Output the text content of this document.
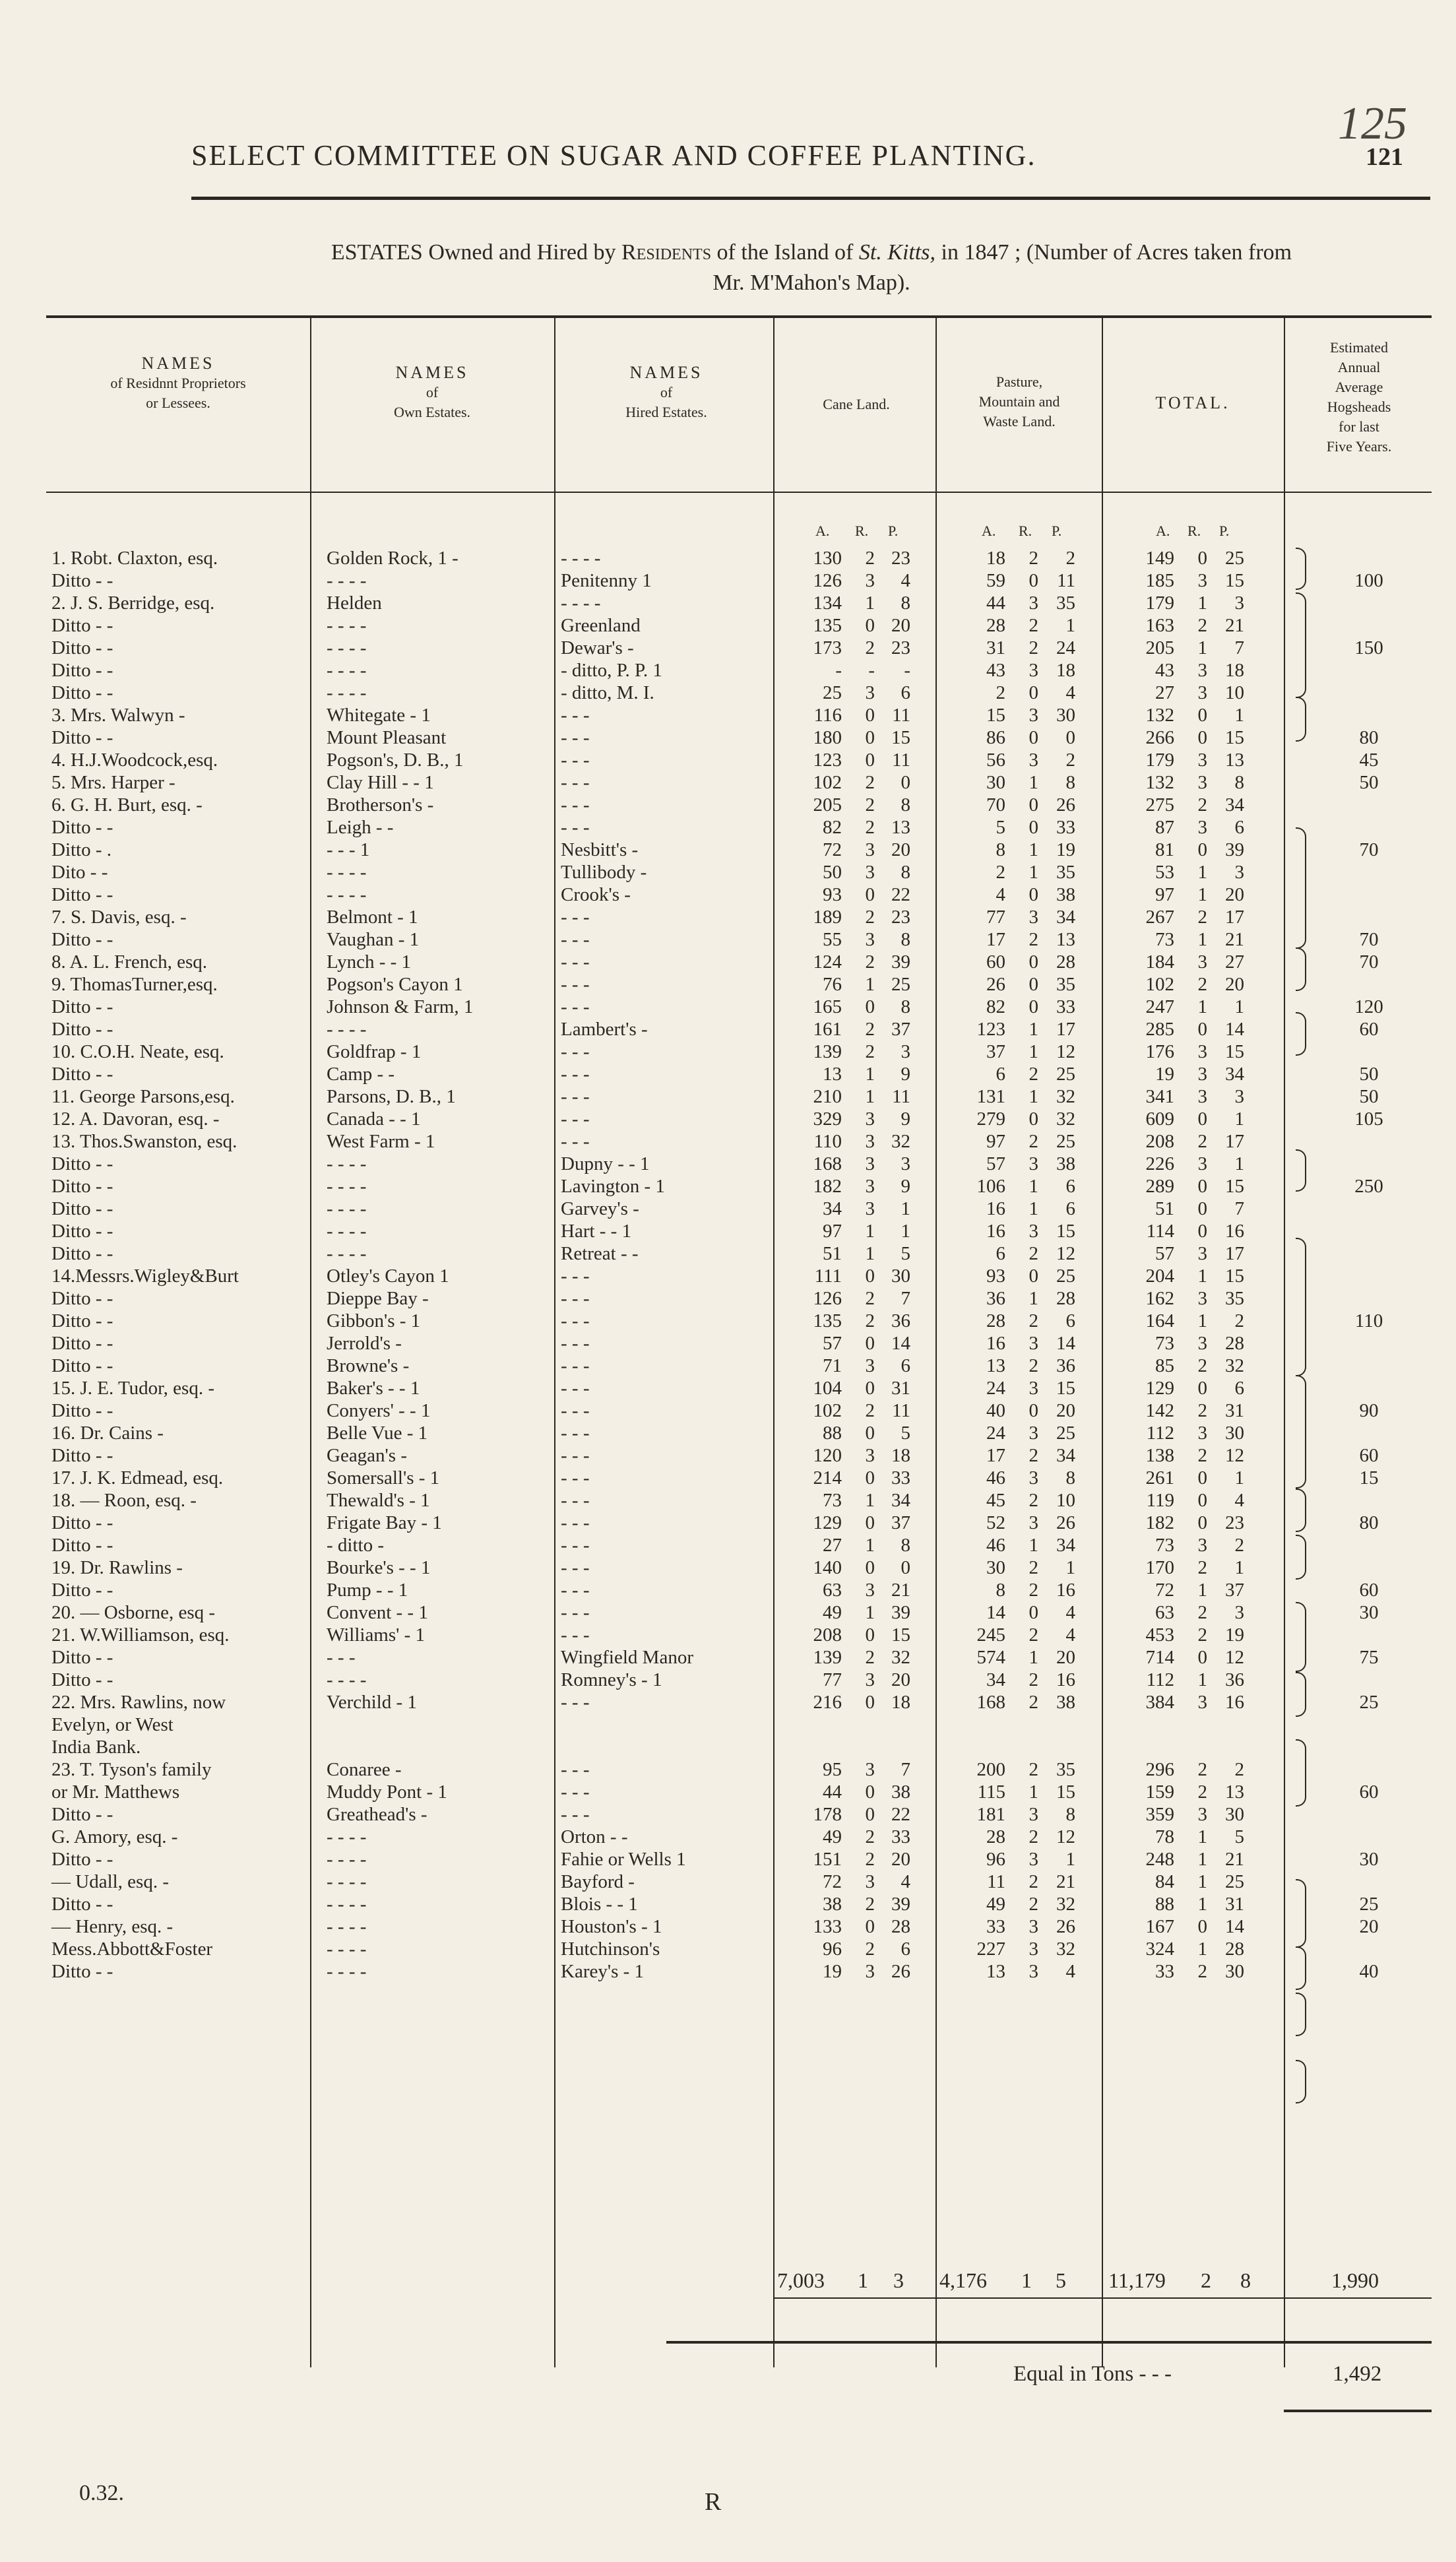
125
SELECT COMMITTEE ON SUGAR AND COFFEE PLANTING.	121
ESTATES Owned and Hired by Residents of the Island of St. Kitts, in 1847 ; (Number of Acres taken from
Mr. M'Mahon's Map).
NAMES
of Residnnt Proprietors
or Lessees.
NAMES
of
Own Estates.
NAMES
of
Hired Estates.	Cane Land.
Pasture,
Mountain and
Waste Land.
TOTAL.
Estimated
Annual
Average
Hogsheads
for last
Five Years.
A. R. P.	A. R. P.	A. R. P.
1. Robt. Claxton, esq.	Golden Rock, 1 -	- - - -	130	2 23	18	2	2	149	0 25
Ditto - -	- - - -	Penitenny 1	126	3	4	59	0 11	185	3 15	100
2. J. S. Berridge, esq.	Helden	- - - -	134	1	8	44	3 35	179	1	3
Ditto - -	- - - -	Greenland	135	0 20	28	2	1	163	2 21
Ditto - -	- - - -	Dewar's -	173	2 23	31	2 24	205	1	7	150
Ditto - -	- - - -	- ditto, P. P. 1	-	-	-	43	3 18	43	3 18
Ditto - -	- - - -	- ditto, M. I.	25	3	6	2	0	4	27	3 10
3. Mrs. Walwyn -	Whitegate - 1	- - -	116	0 11	15	3 30	132	0	1
Ditto - -	Mount Pleasant	- - -	180	0 15	86	0	0	266	0 15	80
4. H.J.Woodcock,esq.	Pogson's, D. B., 1	- - -	123	0 11	56	3	2	179	3 13	45
5. Mrs. Harper -	Clay Hill - - 1	- - -	102	2	0	30	1	8	132	3	8	50
6. G. H. Burt, esq. -	Brotherson's -	- - -	205	2	8	70	0 26	275	2 34
Ditto - -	Leigh - -	- - -	82	2 13	5	0 33	87	3	6
Ditto - .	- - - 1	Nesbitt's -	72	3 20	8	1 19	81	0 39	70
Dito - -	- - - -	Tullibody -	50	3	8	2	1 35	53	1	3
Ditto - -	- - - -	Crook's -	93	0 22	4	0 38	97	1 20
7. S. Davis, esq. -	Belmont - 1	- - -	189	2 23	77	3 34	267	2 17
Ditto - -	Vaughan - 1	- - -	55	3	8	17	2 13	73	1 21	70
8. A. L. French, esq.	Lynch - - 1	- - -	124	2 39	60	0 28	184	3 27	70
9. ThomasTurner,esq.	Pogson's Cayon 1	- - -	76	1 25	26	0 35	102	2 20
Ditto - -	Johnson & Farm, 1	- - -	165	0	8	82	0 33	247	1	1	120
Ditto - -	- - - -	Lambert's -	161	2 37	123	1 17	285	0 14	60
10. C.O.H. Neate, esq.	Goldfrap - 1	- - -	139	2	3	37	1 12	176	3 15
Ditto - -	Camp - -	- - -	13	1	9	6	2 25	19	3 34	50
11. George Parsons,esq.	Parsons, D. B., 1	- - -	210	1 11	131	1 32	341	3	3	50
12. A. Davoran, esq. -	Canada - - 1	- - -	329	3	9	279	0 32	609	0	1	105
13. Thos.Swanston, esq.	West Farm - 1	- - -	110	3 32	97	2 25	208	2 17
Ditto - -	- - - -	Dupny - - 1	168	3	3	57	3 38	226	3	1
Ditto - -	- - - -	Lavington - 1	182	3	9	106	1	6	289	0 15	250
Ditto - -	- - - -	Garvey's -	34	3	1	16	1	6	51	0	7
Ditto - -	- - - -	Hart - - 1	97	1	1	16	3 15	114	0 16
Ditto - -	- - - -	Retreat - -	51	1	5	6	2 12	57	3 17
14.Messrs.Wigley&Burt	Otley's Cayon 1	- - -	111	0 30	93	0 25	204	1 15
Ditto - -	Dieppe Bay -	- - -	126	2	7	36	1 28	162	3 35
Ditto - -	Gibbon's - 1	- - -	135	2 36	28	2	6	164	1	2	110
Ditto - -	Jerrold's -	- - -	57	0 14	16	3 14	73	3 28
Ditto - -	Browne's -	- - -	71	3	6	13	2 36	85	2 32
15. J. E. Tudor, esq. -	Baker's - - 1	- - -	104	0 31	24	3 15	129	0	6
Ditto - -	Conyers' - - 1	- - -	102	2 11	40	0 20	142	2 31	90
16. Dr. Cains -	Belle Vue - 1	- - -	88	0	5	24	3 25	112	3 30
Ditto - -	Geagan's -	- - -	120	3 18	17	2 34	138	2 12	60
17. J. K. Edmead, esq.	Somersall's - 1	- - -	214	0 33	46	3	8	261	0	1	15
18. — Roon, esq. -	Thewald's - 1	- - -	73	1 34	45	2 10	119	0	4
Ditto - -	Frigate Bay - 1	- - -	129	0 37	52	3 26	182	0 23	80
Ditto - -	- ditto -	- - -	27	1	8	46	1 34	73	3	2
19. Dr. Rawlins -	Bourke's - - 1	- - -	140	0	0	30	2	1	170	2	1
Ditto - -	Pump - - 1	- - -	63	3 21	8	2 16	72	1 37	60
20. — Osborne, esq -	Convent - - 1	- - -	49	1 39	14	0	4	63	2	3	30
21. W.Williamson, esq.	Williams' - 1	- - -	208	0 15	245	2	4	453	2 19
Ditto - -	- - -	Wingfield Manor	139	2 32	574	1 20	714	0 12	75
Ditto - -	- - - -	Romney's - 1	77	3 20	34	2 16	112	1 36
22. Mrs. Rawlins, now	Verchild - 1	- - -	216	0 18	168	2 38	384	3 16	25
Evelyn, or West
India Bank.
23. T. Tyson's family	Conaree -	- - -	95	3	7	200	2 35	296	2	2
or Mr. Matthews	Muddy Pont - 1	- - -	44	0 38	115	1 15	159	2 13	60
Ditto - -	Greathead's -	- - -	178	0 22	181	3	8	359	3 30
G. Amory, esq. -	- - - -	Orton - -	49	2 33	28	2 12	78	1	5
Ditto - -	- - - -	Fahie or Wells 1	151	2 20	96	3	1	248	1 21	30
— Udall, esq. -	- - - -	Bayford -	72	3	4	11	2 21	84	1 25
Ditto - -	- - - -	Blois - - 1	38	2 39	49	2 32	88	1 31	25
— Henry, esq. -	- - - -	Houston's - 1	133	0 28	33	3 26	167	0 14	20
Mess.Abbott&Foster	- - - -	Hutchinson's	96	2	6	227	3 32	324	1 28
Ditto - -	- - - -	Karey's - 1	19	3 26	13	3	4	33	2 30	40
7,003 1 3 4,176 1 5 11,179 2 8	1,990
Equal in Tons - - -	1,492
0.32.	R
